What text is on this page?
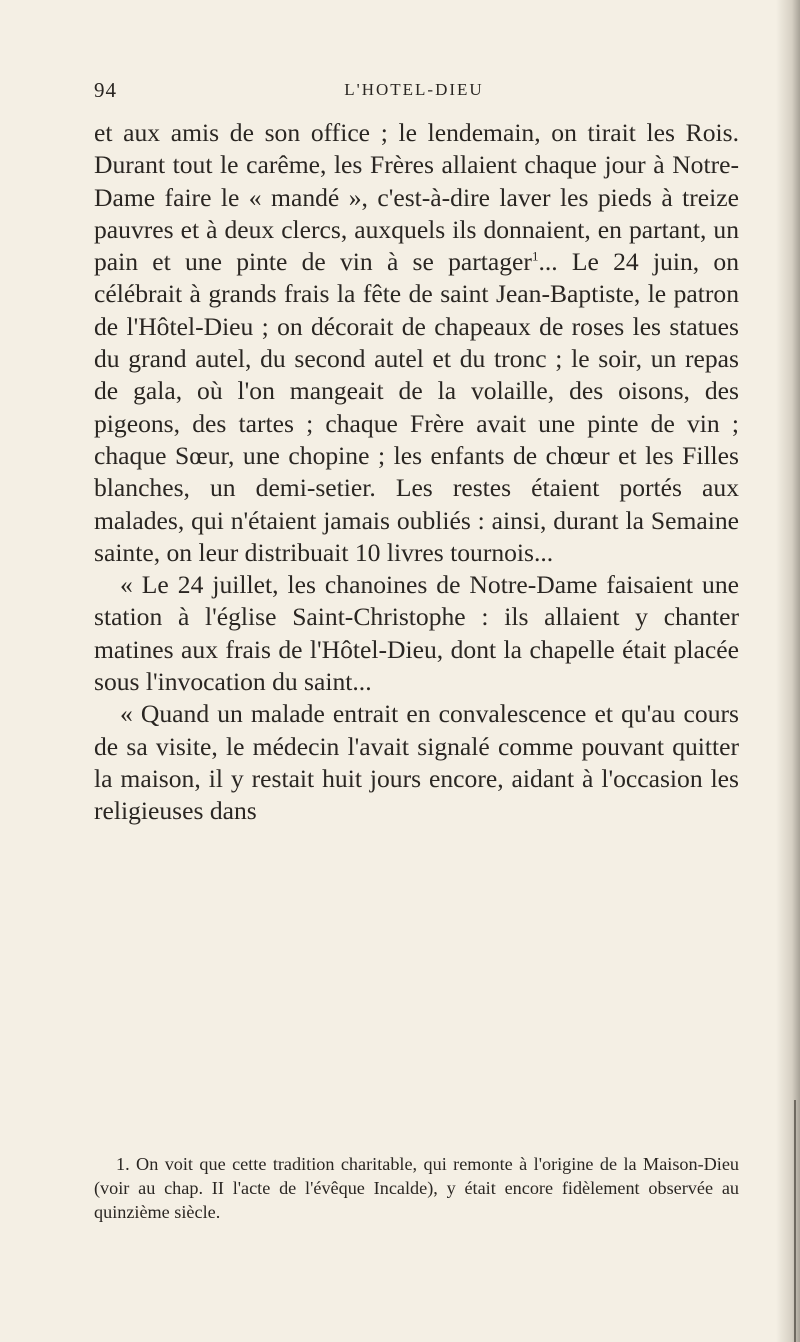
94	L'HOTEL-DIEU

et aux amis de son office ; le lendemain, on tirait les Rois. Durant tout le carême, les Frères allaient chaque jour à Notre-Dame faire le « mandé », c'est-à-dire laver les pieds à treize pauvres et à deux clercs, auxquels ils donnaient, en partant, un pain et une pinte de vin à se partager$^1$... Le 24 juin, on célébrait à grands frais la fête de saint Jean-Baptiste, le patron de l'Hôtel-Dieu ; on décorait de chapeaux de roses les statues du grand autel, du second autel et du tronc ; le soir, un repas de gala, où l'on mangeait de la volaille, des oisons, des pigeons, des tartes ; chaque Frère avait une pinte de vin ; chaque Sœur, une chopine ; les enfants de chœur et les Filles blanches, un demi-setier. Les restes étaient portés aux malades, qui n'étaient jamais oubliés : ainsi, durant la Semaine sainte, on leur distribuait 10 livres tournois...

« Le 24 juillet, les chanoines de Notre-Dame faisaient une station à l'église Saint-Christophe : ils allaient y chanter matines aux frais de l'Hôtel-Dieu, dont la chapelle était placée sous l'invocation du saint...

« Quand un malade entrait en convalescence et qu'au cours de sa visite, le médecin l'avait signalé comme pouvant quitter la maison, il y restait huit jours encore, aidant à l'occasion les religieuses dans

1. On voit que cette tradition charitable, qui remonte à l'origine de la Maison-Dieu (voir au chap. II l'acte de l'évêque Incalde), y était encore fidèlement observée au quinzième siècle.
